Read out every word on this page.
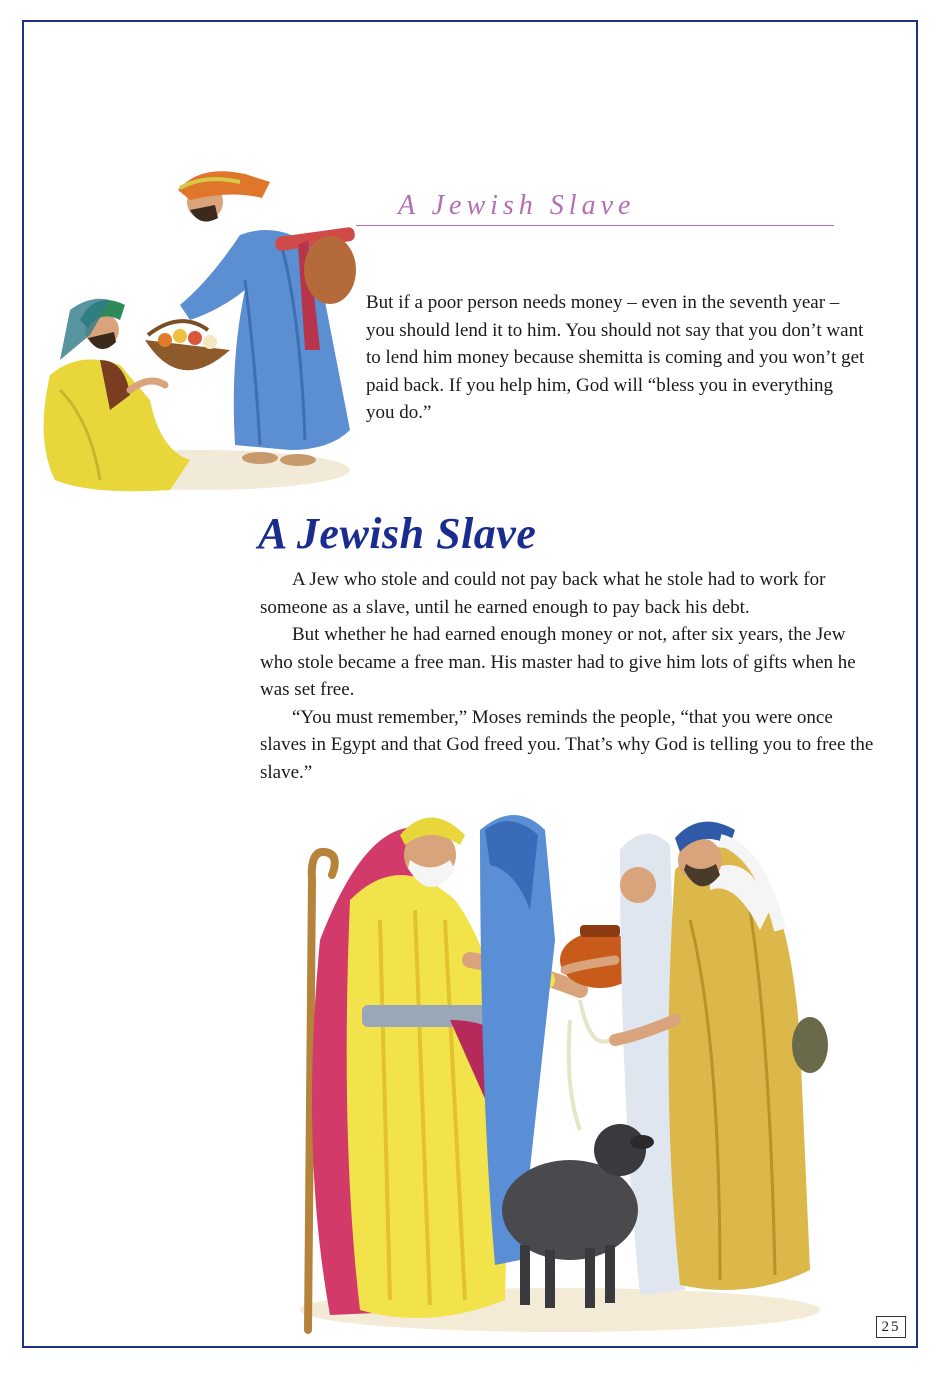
A Jewish Slave

But if a poor person needs money – even in the seventh year – you should lend it to him. You should not say that you don’t want to lend him money because shemitta is coming and you won’t get paid back. If you help him, God will “bless you in everything you do.”

A Jewish Slave

A Jew who stole and could not pay back what he stole had to work for someone as a slave, until he earned enough to pay back his debt.

But whether he had earned enough money or not, after six years, the Jew who stole became a free man. His master had to give him lots of gifts when he was set free.

“You must remember,” Moses reminds the people, “that you were once slaves in Egypt and that God freed you. That’s why God is telling you to free the slave.”

25
